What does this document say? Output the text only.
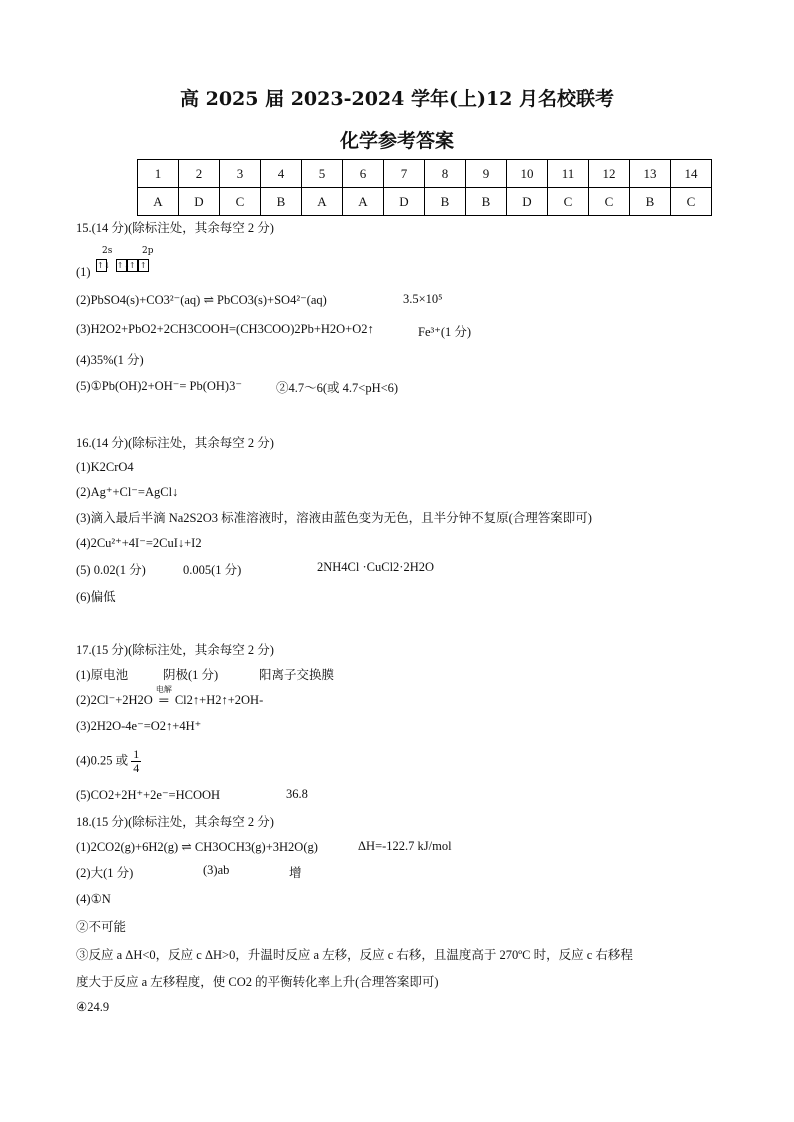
高 2025 届 2023-2024 学年(上)12 月名校联考
化学参考答案
1	2	3	4	5	6	7	8	9	10	11	12	13	14
A	D	C	B	A	A	D	B	B	D	C	C	B	C
15.(14 分)(除标注处，其余每空 2 分)
2s	2p
↑↓ ↑↓↑ ↑
(1)
(2)PbSO4(s)+CO3²⁻(aq) ⇌ PbCO3(s)+SO4²⁻(aq)	3.5×10⁵
(3)H2O2+PbO2+2CH3COOH=(CH3COO)2Pb+H2O+O2↑	Fe³⁺(1 分)
(4)35%(1 分)
(5)①Pb(OH)2+OH⁻= Pb(OH)3⁻	②4.7～6(或 4.7<pH<6)
16.(14 分)(除标注处，其余每空 2 分)
(1)K2CrO4
(2)Ag⁺+Cl⁻=AgCl↓
(3)滴入最后半滴 Na2S2O3 标准溶液时，溶液由蓝色变为无色，且半分钟不复原(合理答案即可)
(4)2Cu²⁺+4I⁻=2CuI↓+I2
(5) 0.02(1 分)	0.005(1 分)	2NH4Cl ·CuCl2·2H2O
(6)偏低
17.(15 分)(除标注处，其余每空 2 分)
(1)原电池	阴极(1 分)	阳离子交换膜
(2)2Cl⁻+2H2O
电解
═ Cl2↑+H2↑+2OH-
(3)2H2O-4e⁻=O2↑+4H⁺
(4)0.25 或 $\frac{1}{4}$
(5)CO2+2H⁺+2e⁻=HCOOH	36.8
18.(15 分)(除标注处，其余每空 2 分)
(1)2CO2(g)+6H2(g) ⇌ CH3OCH3(g)+3H2O(g)	ΔH=-122.7 kJ/mol
(2)大(1 分)	(3)ab	增
(4)①N
②不可能
③反应 a ΔH<0，反应 c ΔH>0，升温时反应 a 左移，反应 c 右移，且温度高于 270ºC 时，反应 c 右移程
度大于反应 a 左移程度，使 CO2 的平衡转化率上升(合理答案即可)
④24.9
